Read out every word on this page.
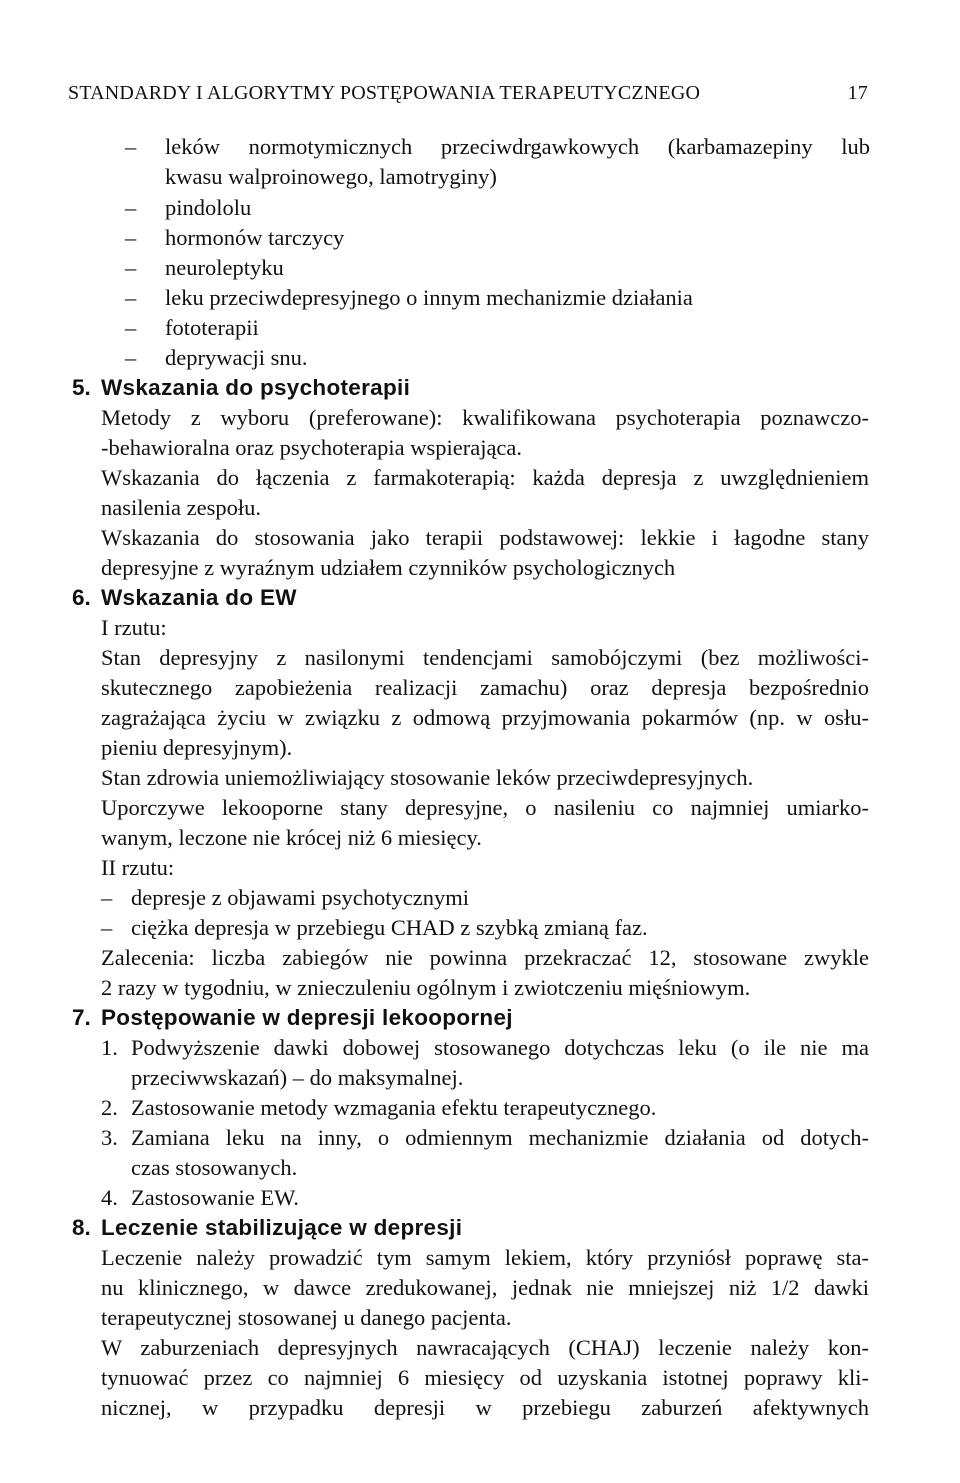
STANDARDY I ALGORYTMY POSTĘPOWANIA TERAPEUTYCZNEGO	17
– leków normotymicznych przeciwdrgawkowych (karbamazepiny lub
kwasu walproinowego, lamotryginy)
– pindololu
– hormonów tarczycy
– neuroleptyku
– leku przeciwdepresyjnego o innym mechanizmie działania
– fototerapii
– deprywacji snu.
5. Wskazania do psychoterapii
Metody z wyboru (preferowane): kwalifikowana psychoterapia poznawczo-
-behawioralna oraz psychoterapia wspierająca.
Wskazania do łączenia z farmakoterapią: każda depresja z uwzględnieniem
nasilenia zespołu.
Wskazania do stosowania jako terapii podstawowej: lekkie i łagodne stany
depresyjne z wyraźnym udziałem czynników psychologicznych
6. Wskazania do EW
I rzutu:
Stan depresyjny z nasilonymi tendencjami samobójczymi (bez możliwości-
skutecznego zapobieżenia realizacji zamachu) oraz depresja bezpośrednio
zagrażająca życiu w związku z odmową przyjmowania pokarmów (np. w osłu-
pieniu depresyjnym).
Stan zdrowia uniemożliwiający stosowanie leków przeciwdepresyjnych.
Uporczywe lekooporne stany depresyjne, o nasileniu co najmniej umiarko-
wanym, leczone nie krócej niż 6 miesięcy.
II rzutu:
– depresje z objawami psychotycznymi
– ciężka depresja w przebiegu CHAD z szybką zmianą faz.
Zalecenia: liczba zabiegów nie powinna przekraczać 12, stosowane zwykle
2 razy w tygodniu, w znieczuleniu ogólnym i zwiotczeniu mięśniowym.
7. Postępowanie w depresji lekoopornej
1. Podwyższenie dawki dobowej stosowanego dotychczas leku (o ile nie ma
przeciwwskazań) – do maksymalnej.
2. Zastosowanie metody wzmagania efektu terapeutycznego.
3. Zamiana leku na inny, o odmiennym mechanizmie działania od dotych-
czas stosowanych.
4. Zastosowanie EW.
8. Leczenie stabilizujące w depresji
Leczenie należy prowadzić tym samym lekiem, który przyniósł poprawę sta-
nu klinicznego, w dawce zredukowanej, jednak nie mniejszej niż 1/2 dawki
terapeutycznej stosowanej u danego pacjenta.
W zaburzeniach depresyjnych nawracających (CHAJ) leczenie należy kon-
tynuować przez co najmniej 6 miesięcy od uzyskania istotnej poprawy kli-
nicznej, w przypadku depresji w przebiegu zaburzeń afektywnych
